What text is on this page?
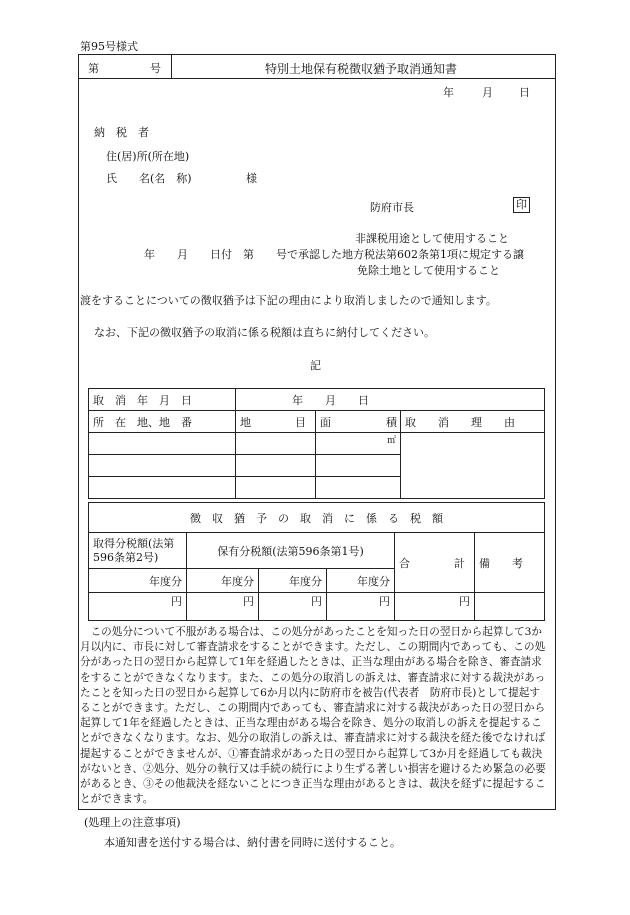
第95号様式
第	号	特別土地保有税徴収猶予取消通知書
年	月 日
納　税　者
住(居)所(所在地)
氏　　名(名　称)	様
防府市長	印
非課税用途として使用すること
年　　月　　日付　第　　号で承認した地方税法第602条第1項に規定する譲
免除土地として使用すること
渡をすることについての徴収猶予は下記の理由により取消しましたので通知します。
なお、下記の徴収猶予の取消に係る税額は直ちに納付してください。
記
取　消　年　月　日	年　　月　　日		
所　在　地、地　番	地　　　　目	面　　　　　積	取　　消　　理　　由
		㎡	

徴　収　猶　予　の　取　消　に　係　る　税　額					

取得分税額(法第
596条第2号)	保有分税額(法第596条第1号)			合　　　　計	備　　考
年度分	年度分	年度分	年度分		
円	円	円	円	円	
この処分について不服がある場合は、この処分があったことを知った日の翌日から起算して3か月以内に、市長に対して審査請求をすることができます。ただし、この期間内であっても、この処分があった日の翌日から起算して1年を経過したときは、正当な理由がある場合を除き、審査請求をすることができなくなります。また、この処分の取消しの訴えは、審査請求に対する裁決があったことを知った日の翌日から起算して6か月以内に防府市を被告(代表者　防府市長)として提起することができます。ただし、この期間内であっても、審査請求に対する裁決があった日の翌日から起算して1年を経過したときは、正当な理由がある場合を除き、処分の取消しの訴えを提起することができなくなります。なお、処分の取消しの訴えは、審査請求に対する裁決を経た後でなければ提起することができませんが、①審査請求があった日の翌日から起算して3か月を経過しても裁決がないとき、②処分、処分の執行又は手続の続行により生ずる著しい損害を避けるため緊急の必要があるとき、③その他裁決を経ないことにつき正当な理由があるときは、裁決を経ずに提起することができます。
(処理上の注意事項)
本通知書を送付する場合は、納付書を同時に送付すること。
